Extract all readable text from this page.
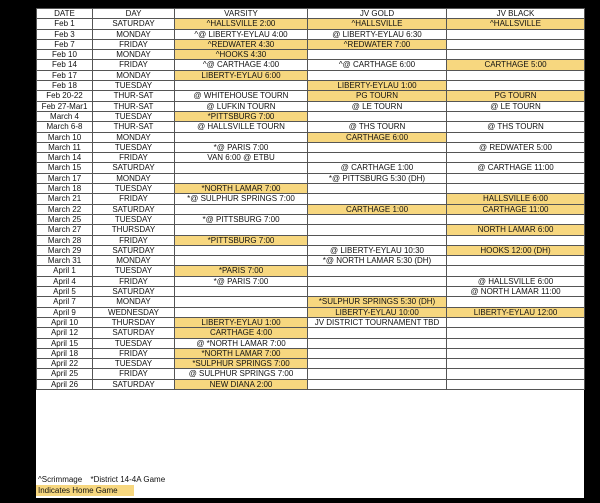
DATE	DAY	VARSITY	JV GOLD	JV BLACK
Feb 1	SATURDAY	^HALLSVILLE 2:00	^HALLSVILLE	^HALLSVILLE
Feb 3	MONDAY	^@ LIBERTY-EYLAU 4:00	@ LIBERTY-EYLAU 6:30	
Feb 7	FRIDAY	^REDWATER 4:30	^REDWATER 7:00	
Feb 10	MONDAY	^HOOKS 4:30		
Feb 14	FRIDAY	^@ CARTHAGE 4:00	^@ CARTHAGE 6:00	CARTHAGE 5:00
Feb 17	MONDAY	LIBERTY-EYLAU 6:00		
Feb 18	TUESDAY		LIBERTY-EYLAU 1:00	
Feb 20-22	THUR-SAT	@ WHITEHOUSE TOURN	PG TOURN	PG TOURN
Feb 27-Mar1	THUR-SAT	@ LUFKIN TOURN	@ LE TOURN	@ LE TOURN
March 4	TUESDAY	*PITTSBURG 7:00		
March 6-8	THUR-SAT	@ HALLSVILLE TOURN	@ THS TOURN	@ THS TOURN
March 10	MONDAY		CARTHAGE 6:00	
March 11	TUESDAY	*@ PARIS 7:00		@ REDWATER 5:00
March 14	FRIDAY	VAN 6:00 @ ETBU		
March 15	SATURDAY		@ CARTHAGE 1:00	@ CARTHAGE 11:00
March 17	MONDAY		*@ PITTSBURG 5:30 (DH)	
March 18	TUESDAY	*NORTH LAMAR 7:00		
March 21	FRIDAY	*@ SULPHUR SPRINGS 7:00		HALLSVILLE 6:00
March 22	SATURDAY		CARTHAGE 1:00	CARTHAGE 11:00
March 25	TUESDAY	*@ PITTSBURG 7:00		
March 27	THURSDAY			NORTH LAMAR 6:00
March 28	FRIDAY	*PITTSBURG 7:00		
March 29	SATURDAY		@ LIBERTY-EYLAU 10:30	HOOKS 12:00 (DH)
March 31	MONDAY		*@ NORTH LAMAR 5:30 (DH)	
April 1	TUESDAY	*PARIS 7:00		
April 4	FRIDAY	*@ PARIS 7:00		@ HALLSVILLE 6:00
April 5	SATURDAY			@ NORTH LAMAR 11:00
April 7	MONDAY		*SULPHUR SPRINGS 5:30 (DH)	
April 9	WEDNESDAY		LIBERTY-EYLAU 10:00	LIBERTY-EYLAU 12:00
April 10	THURSDAY	LIBERTY-EYLAU 1:00	JV DISTRICT TOURNAMENT TBD	
April 12	SATURDAY	CARTHAGE 4:00		
April 15	TUESDAY	@ *NORTH LAMAR 7:00		
April 18	FRIDAY	*NORTH LAMAR 7:00		
April 22	TUESDAY	*SULPHUR SPRINGS 7:00		
April 25	FRIDAY	@ SULPHUR SPRINGS 7:00		
April 26	SATURDAY	NEW DIANA 2:00		
^Scrimmage *District 14-4A Game
Indicates Home Game
